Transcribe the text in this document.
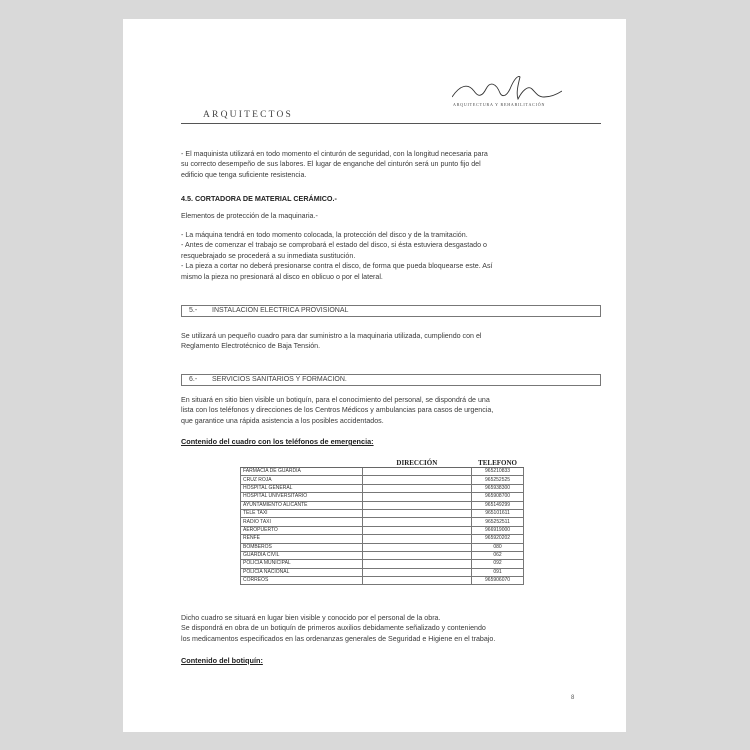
ARQUITECTURA Y REHABILITACIÓN
ARQUITECTOS
- El maquinista utilizará en todo momento el cinturón de seguridad, con la longitud necesaria para
su correcto desempeño de sus labores. El lugar de enganche del cinturón será un punto fijo del
edificio que tenga suficiente resistencia.
4.5. CORTADORA DE MATERIAL CERÁMICO.-
Elementos de protección de la maquinaria.-
- La máquina tendrá en todo momento colocada, la protección del disco y de la tramitación.
- Antes de comenzar el trabajo se comprobará el estado del disco, si ésta estuviera desgastado o
resquebrajado se procederá a su inmediata sustitución.
- La pieza a cortar no deberá presionarse contra el disco, de forma que pueda bloquearse este. Así
mismo la pieza no presionará al disco en oblicuo o por el lateral.
5.- INSTALACION ELECTRICA PROVISIONAL
Se utilizará un pequeño cuadro para dar suministro a la maquinaria utilizada, cumpliendo con el
Reglamento Electrotécnico de Baja Tensión.
6.- SERVICIOS SANITARIOS Y FORMACION.
En situará en sitio bien visible un botiquín, para el conocimiento del personal, se dispondrá de una
lista con los teléfonos y direcciones de los Centros Médicos y ambulancias para casos de urgencia,
que garantice una rápida asistencia a los posibles accidentados.
Contenido del cuadro con los teléfonos de emergencia:
	DIRECCIÓN	TELEFONO
FARMACIA DE GUARDIA		965210833
CRUZ ROJA		965252525
HOSPITAL GENERAL		965938300
HOSPITAL UNIVERSITARIO		965908700
AYUNTAMIENTO ALICANTE		965149299
TELE TAXI		965101611
RADIO TAXI		965252511
AEROPUERTO		966919000
RENFE		965920202
BOMBEROS		080
GUARDIA CIVIL		062
POLICIA MUNICIPAL		092
POLICIA NACIONAL		091
CORREOS		965906070
Dicho cuadro se situará en lugar bien visible y conocido por el personal de la obra.
Se dispondrá en obra de un botiquín de primeros auxilios debidamente señalizado y conteniendo
los medicamentos especificados en las ordenanzas generales de Seguridad e Higiene en el trabajo.
Contenido del botiquín:
8
